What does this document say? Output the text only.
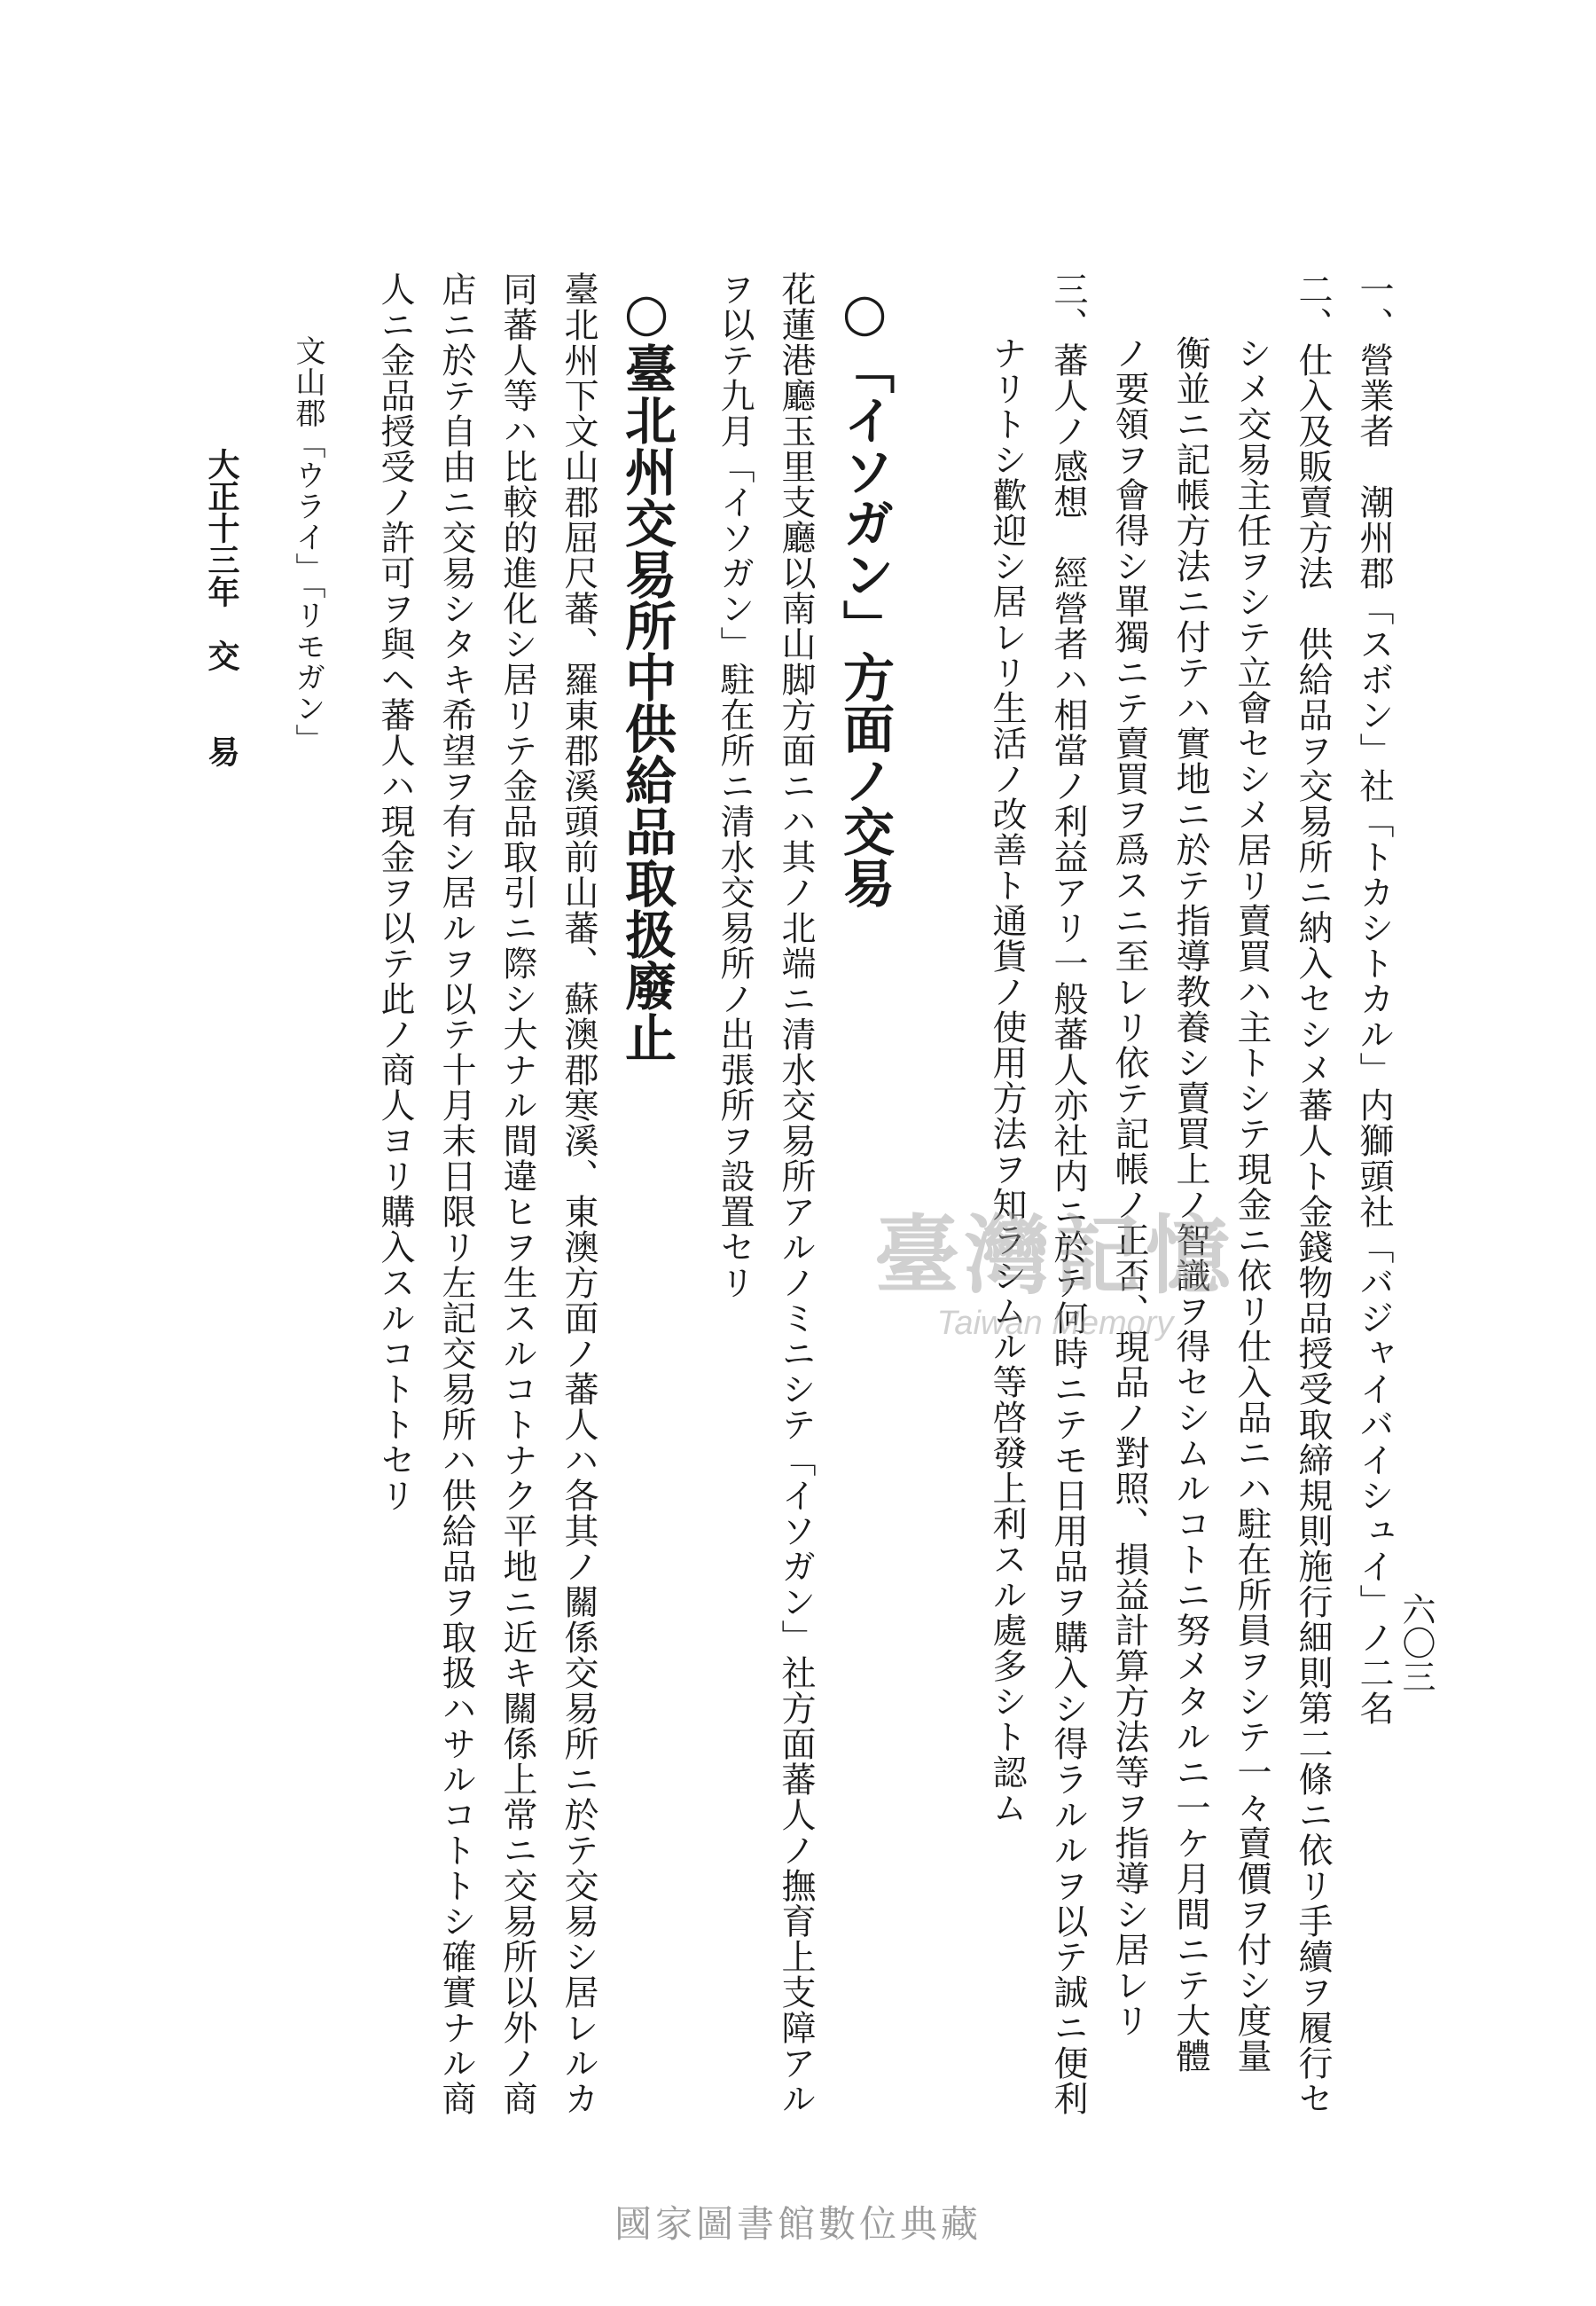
六〇三
一、營業者　潮州郡「スボン」社「トカシトカル」内獅頭社「バジャイバイシュイ」ノ二名
二、仕入及販賣方法　供給品ヲ交易所ニ納入セシメ蕃人ト金錢物品授受取締規則施行細則第二條ニ依リ手續ヲ履行セ
シメ交易主任ヲシテ立會セシメ居リ賣買ハ主トシテ現金ニ依リ仕入品ニハ駐在所員ヲシテ一々賣價ヲ付シ度量
衡並ニ記帳方法ニ付テハ實地ニ於テ指導教養シ賣買上ノ智識ヲ得セシムルコトニ努メタルニ一ケ月間ニテ大體
ノ要領ヲ會得シ單獨ニテ賣買ヲ爲スニ至レリ依テ記帳ノ正否、現品ノ對照、損益計算方法等ヲ指導シ居レリ
三、蕃人ノ感想　經營者ハ相當ノ利益アリ一般蕃人亦社内ニ於テ何時ニテモ日用品ヲ購入シ得ラルルヲ以テ誠ニ便利
ナリトシ歡迎シ居レリ生活ノ改善ト通貨ノ使用方法ヲ知ラシムル等啓發上利スル處多シト認ム
○「イソガン」方面ノ交易
花蓮港廳玉里支廳以南山脚方面ニハ其ノ北端ニ清水交易所アルノミニシテ「イソガン」社方面蕃人ノ撫育上支障アル
ヲ以テ九月「イソガン」駐在所ニ清水交易所ノ出張所ヲ設置セリ
○臺北州交易所中供給品取扱廢止
臺北州下文山郡屈尺蕃、羅東郡溪頭前山蕃、蘇澳郡寒溪、東澳方面ノ蕃人ハ各其ノ關係交易所ニ於テ交易シ居レルカ
同蕃人等ハ比較的進化シ居リテ金品取引ニ際シ大ナル間違ヒヲ生スルコトナク平地ニ近キ關係上常ニ交易所以外ノ商
店ニ於テ自由ニ交易シタキ希望ヲ有シ居ルヲ以テ十月末日限リ左記交易所ハ供給品ヲ取扱ハサルコトトシ確實ナル商
人ニ金品授受ノ許可ヲ與ヘ蕃人ハ現金ヲ以テ此ノ商人ヨリ購入スルコトトセリ
文山郡「ウライ」「リモガン」
大正十三年　交　　易
臺灣記憶
Taiwan Memory
國家圖書館數位典藏
